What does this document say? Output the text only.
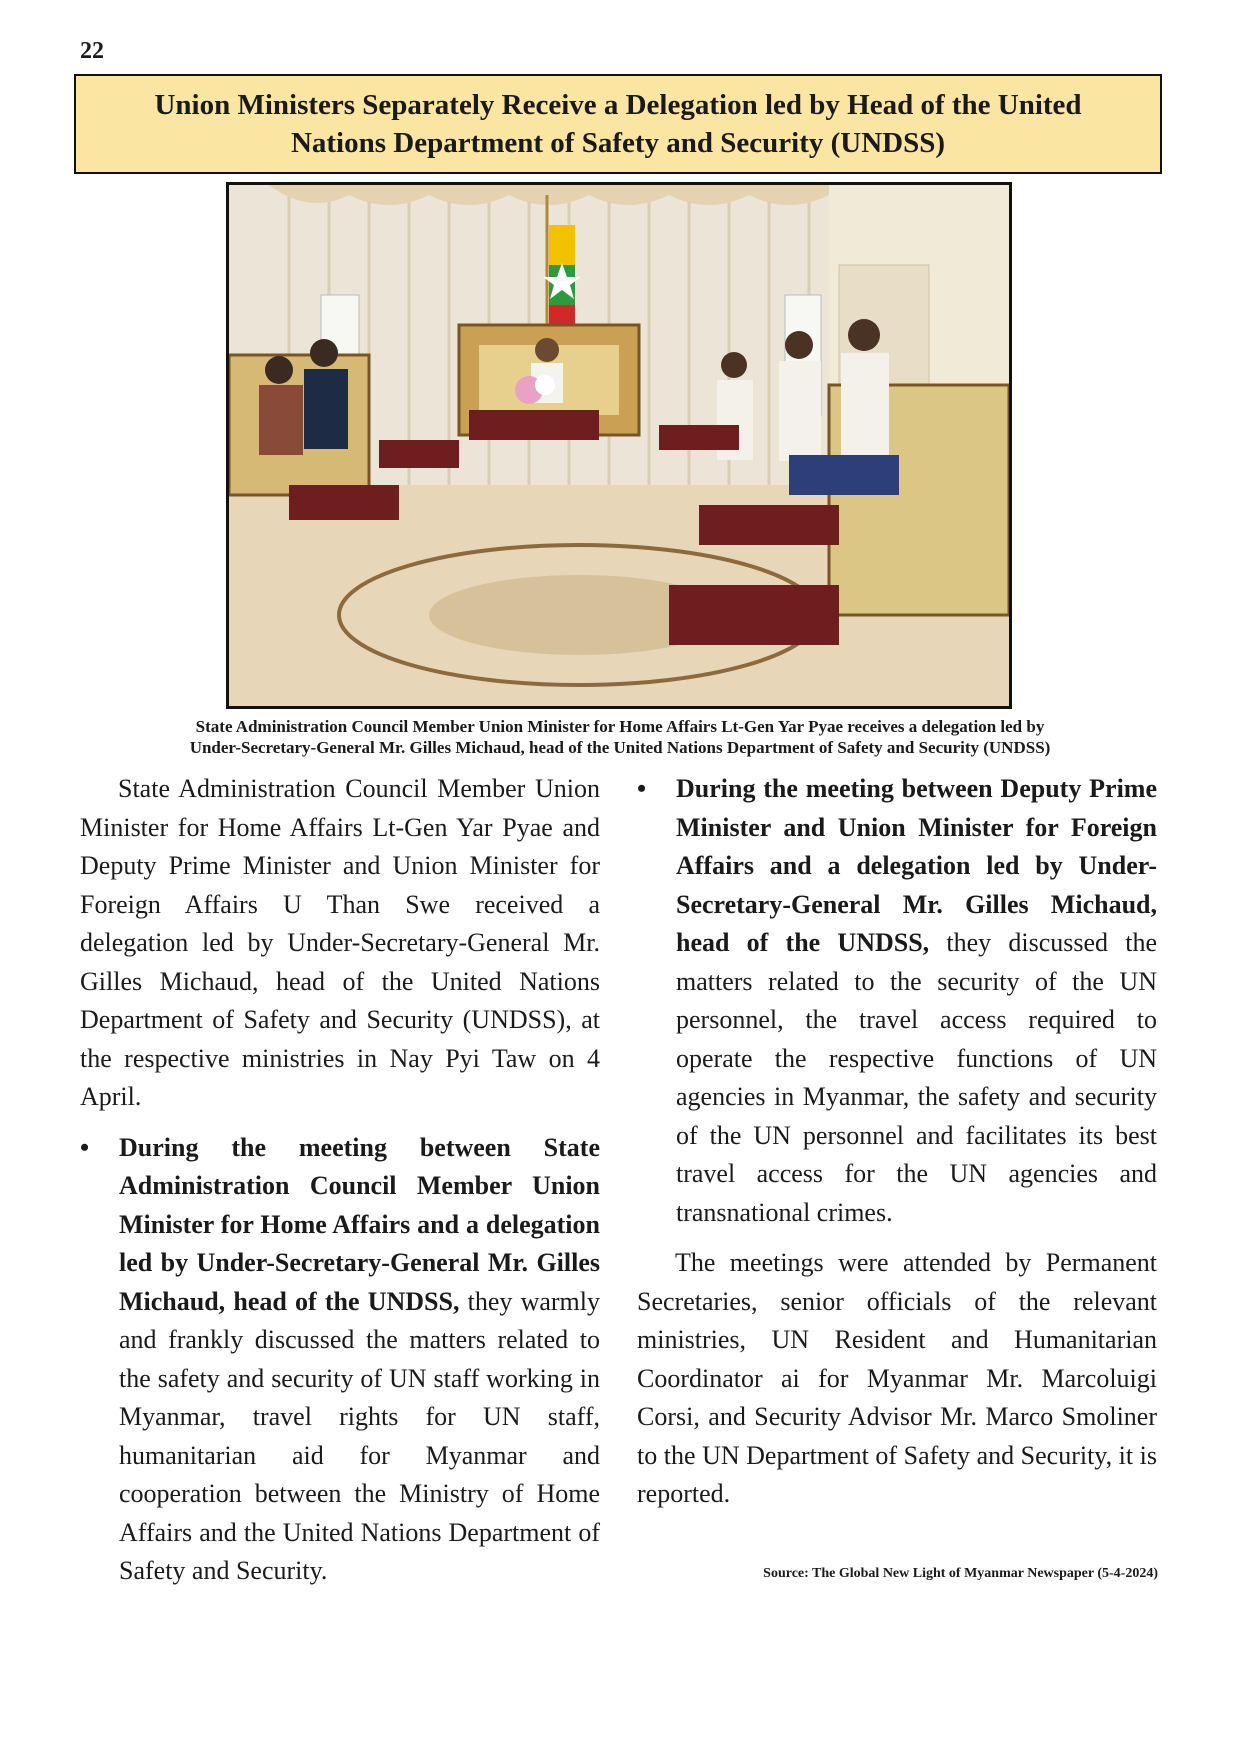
22
Union Ministers Separately Receive a Delegation led by Head of the United Nations Department of Safety and Security (UNDSS)
State Administration Council Member Union Minister for Home Affairs Lt-Gen Yar Pyae receives a delegation led by
Under-Secretary-General Mr. Gilles Michaud, head of the United Nations Department of Safety and Security (UNDSS)

State Administration Council Member Union Minister for Home Affairs Lt-Gen Yar Pyae and Deputy Prime Minister and Union Minister for Foreign Affairs U Than Swe received a delegation led by Under-Secretary-General Mr. Gilles Michaud, head of the United Nations Department of Safety and Security (UNDSS), at the respective ministries in Nay Pyi Taw on 4 April.

• During the meeting between State Administration Council Member Union Minister for Home Affairs and a delegation led by Under-Secretary-General Mr. Gilles Michaud, head of the UNDSS, they warmly and frankly discussed the matters related to the safety and security of UN staff working in Myanmar, travel rights for UN staff, humanitarian aid for Myanmar and cooperation between the Ministry of Home Affairs and the United Nations Department of Safety and Security.

• During the meeting between Deputy Prime Minister and Union Minister for Foreign Affairs and a delegation led by Under-Secretary-General Mr. Gilles Michaud, head of the UNDSS, they discussed the matters related to the security of the UN personnel, the travel access required to operate the respective functions of UN agencies in Myanmar, the safety and security of the UN personnel and facilitates its best travel access for the UN agencies and transnational crimes.

The meetings were attended by Permanent Secretaries, senior officials of the relevant ministries, UN Resident and Humanitarian Coordinator ai for Myanmar Mr. Marcoluigi Corsi, and Security Advisor Mr. Marco Smoliner to the UN Department of Safety and Security, it is reported.

Source: The Global New Light of Myanmar Newspaper (5-4-2024)
